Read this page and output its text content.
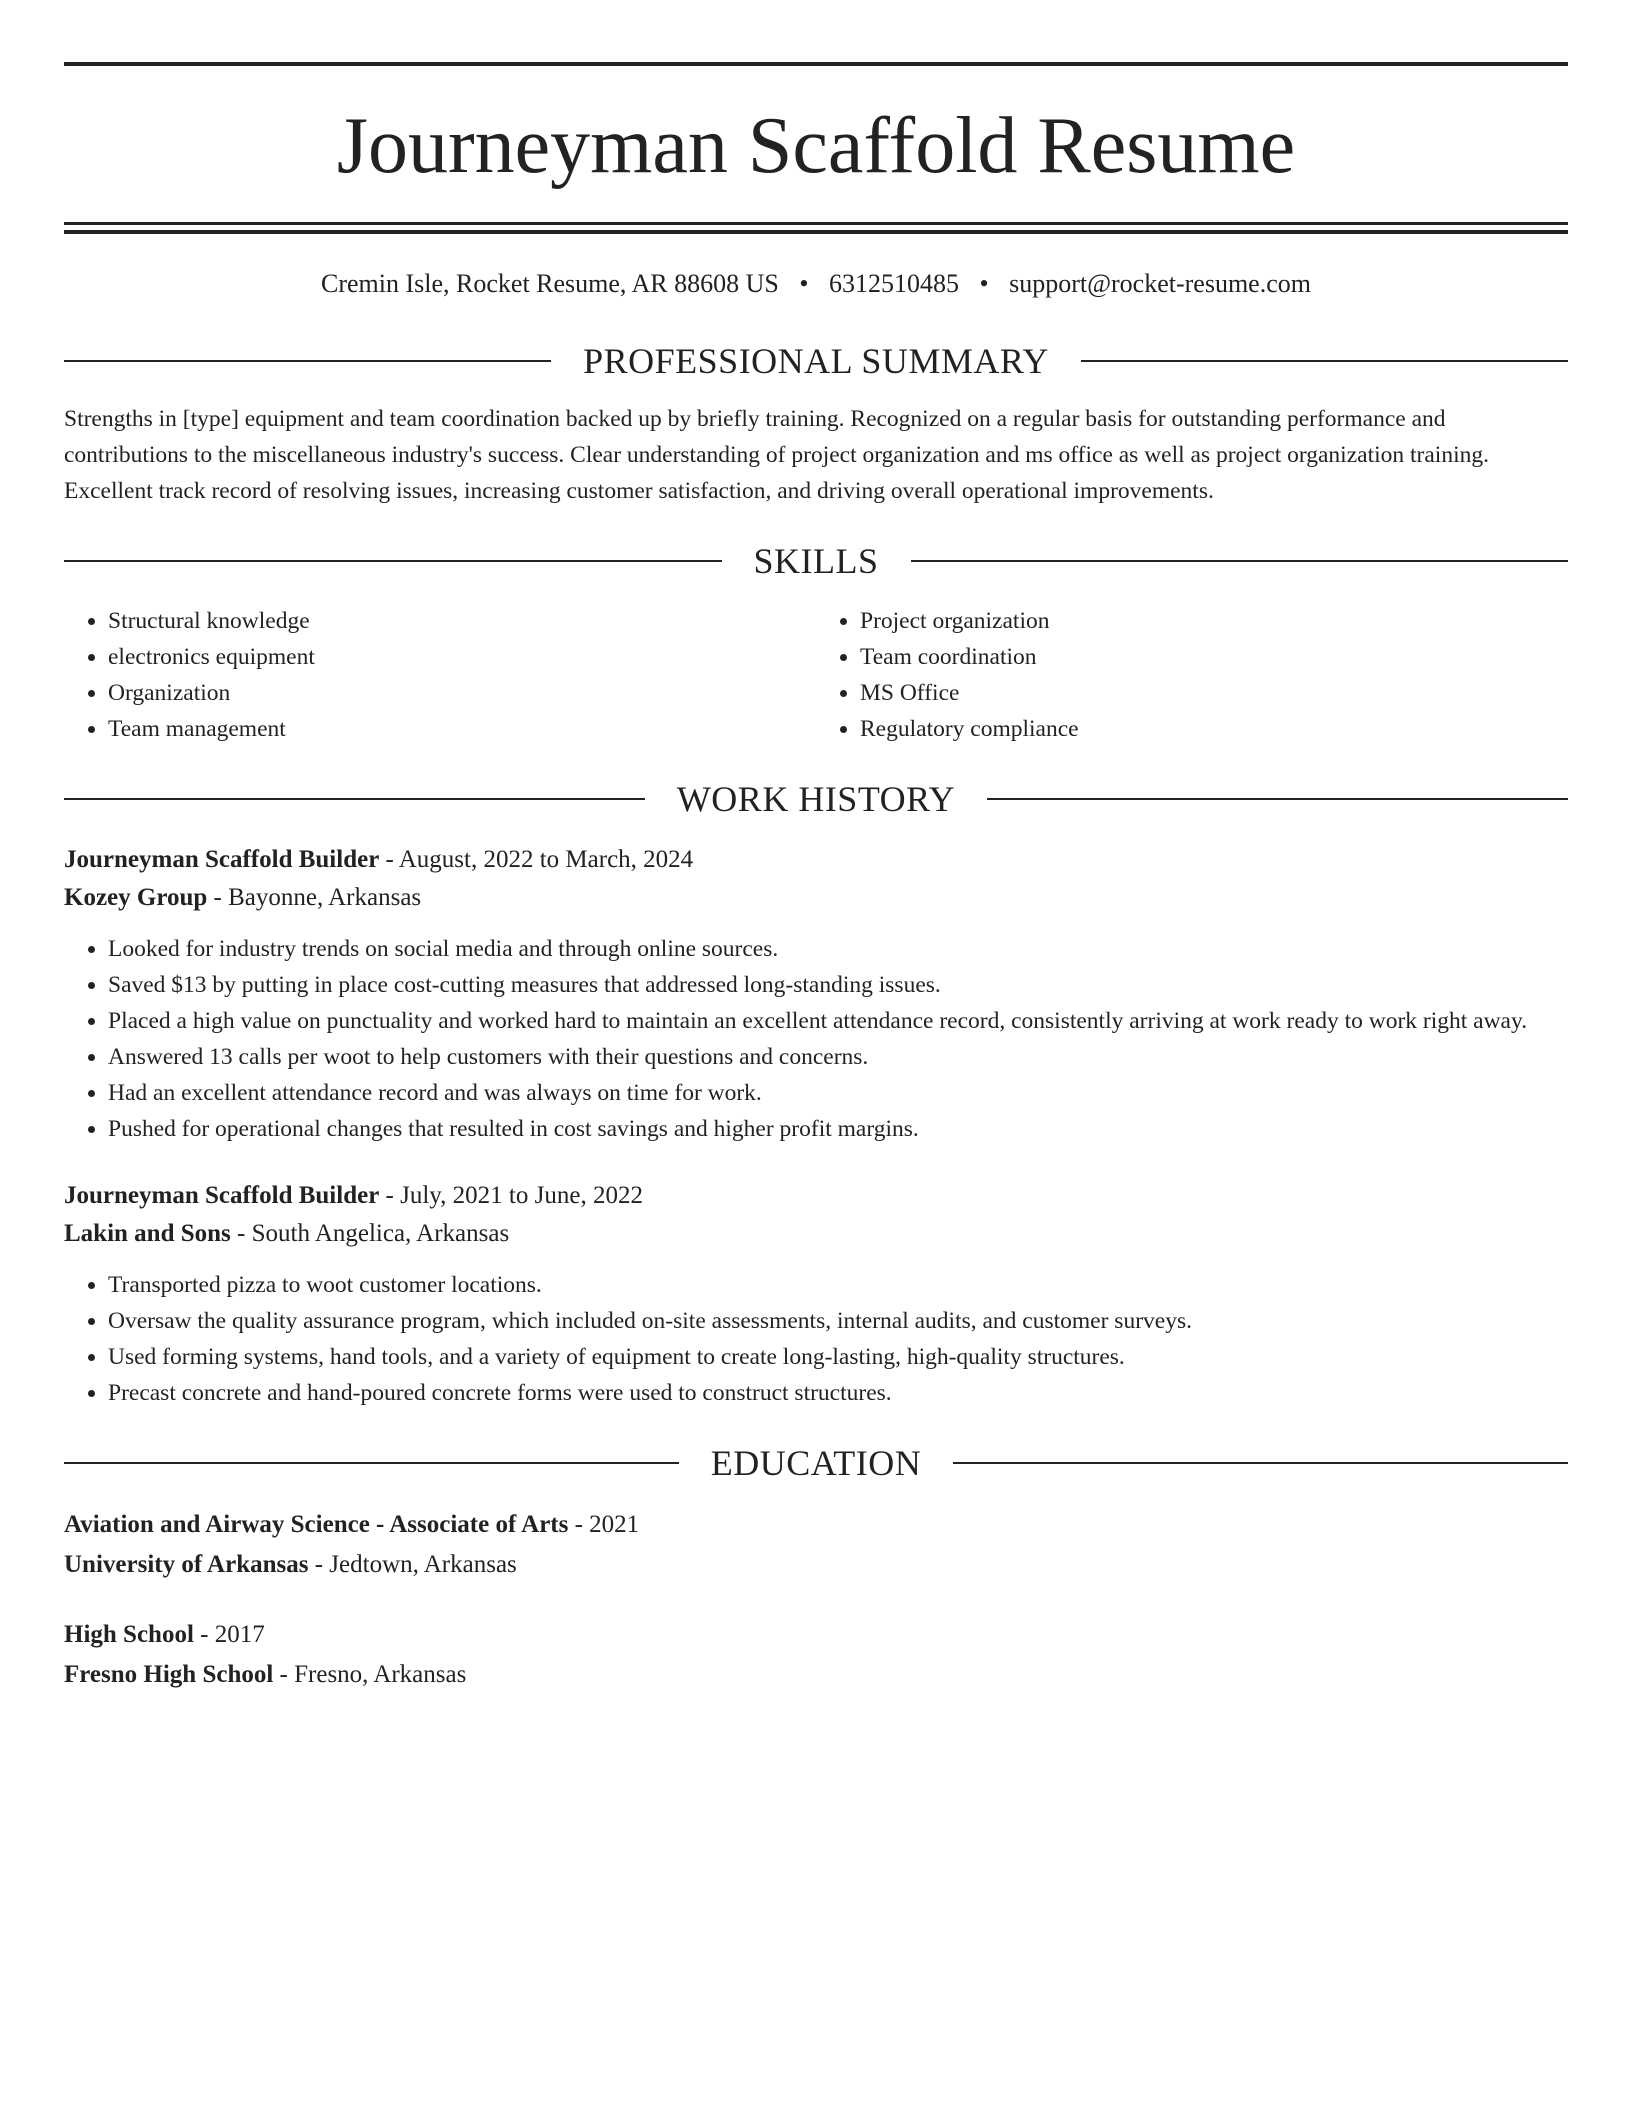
Journeyman Scaffold Resume
Cremin Isle, Rocket Resume, AR 88608 US • 6312510485 • support@rocket-resume.com
PROFESSIONAL SUMMARY

Strengths in [type] equipment and team coordination backed up by briefly training. Recognized on a regular basis for outstanding performance and contributions to the miscellaneous industry's success. Clear understanding of project organization and ms office as well as project organization training. Excellent track record of resolving issues, increasing customer satisfaction, and driving overall operational improvements.

SKILLS
• Structural knowledge
• electronics equipment
• Organization
• Team management
• Project organization
• Team coordination
• MS Office
• Regulatory compliance
WORK HISTORY
Journeyman Scaffold Builder - August, 2022 to March, 2024
Kozey Group - Bayonne, Arkansas
• Looked for industry trends on social media and through online sources.
• Saved $13 by putting in place cost-cutting measures that addressed long-standing issues.
• Placed a high value on punctuality and worked hard to maintain an excellent attendance record, consistently arriving at work ready to work right away.
• Answered 13 calls per woot to help customers with their questions and concerns.
• Had an excellent attendance record and was always on time for work.
• Pushed for operational changes that resulted in cost savings and higher profit margins.
Journeyman Scaffold Builder - July, 2021 to June, 2022
Lakin and Sons - South Angelica, Arkansas
• Transported pizza to woot customer locations.
• Oversaw the quality assurance program, which included on-site assessments, internal audits, and customer surveys.
• Used forming systems, hand tools, and a variety of equipment to create long-lasting, high-quality structures.
• Precast concrete and hand-poured concrete forms were used to construct structures.
EDUCATION
Aviation and Airway Science - Associate of Arts - 2021
University of Arkansas - Jedtown, Arkansas
High School - 2017
Fresno High School - Fresno, Arkansas
